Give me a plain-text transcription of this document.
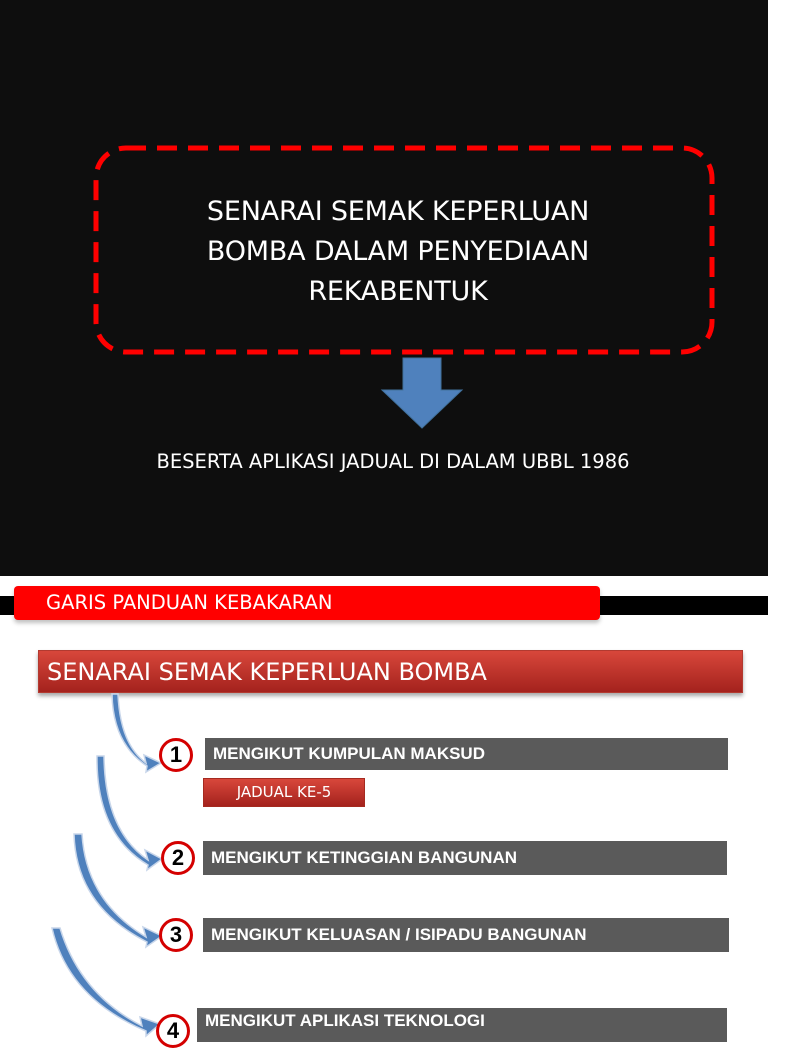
SENARAI SEMAK KEPERLUAN
BOMBA DALAM PENYEDIAAN
REKABENTUK
BESERTA APLIKASI JADUAL DI DALAM UBBL 1986
GARIS PANDUAN KEBAKARAN
SENARAI SEMAK KEPERLUAN BOMBA
1	MENGIKUT KUMPULAN MAKSUD
JADUAL KE-5
2	MENGIKUT KETINGGIAN BANGUNAN
3	MENGIKUT KELUASAN / ISIPADU BANGUNAN
4	MENGIKUT APLIKASI TEKNOLOGI
